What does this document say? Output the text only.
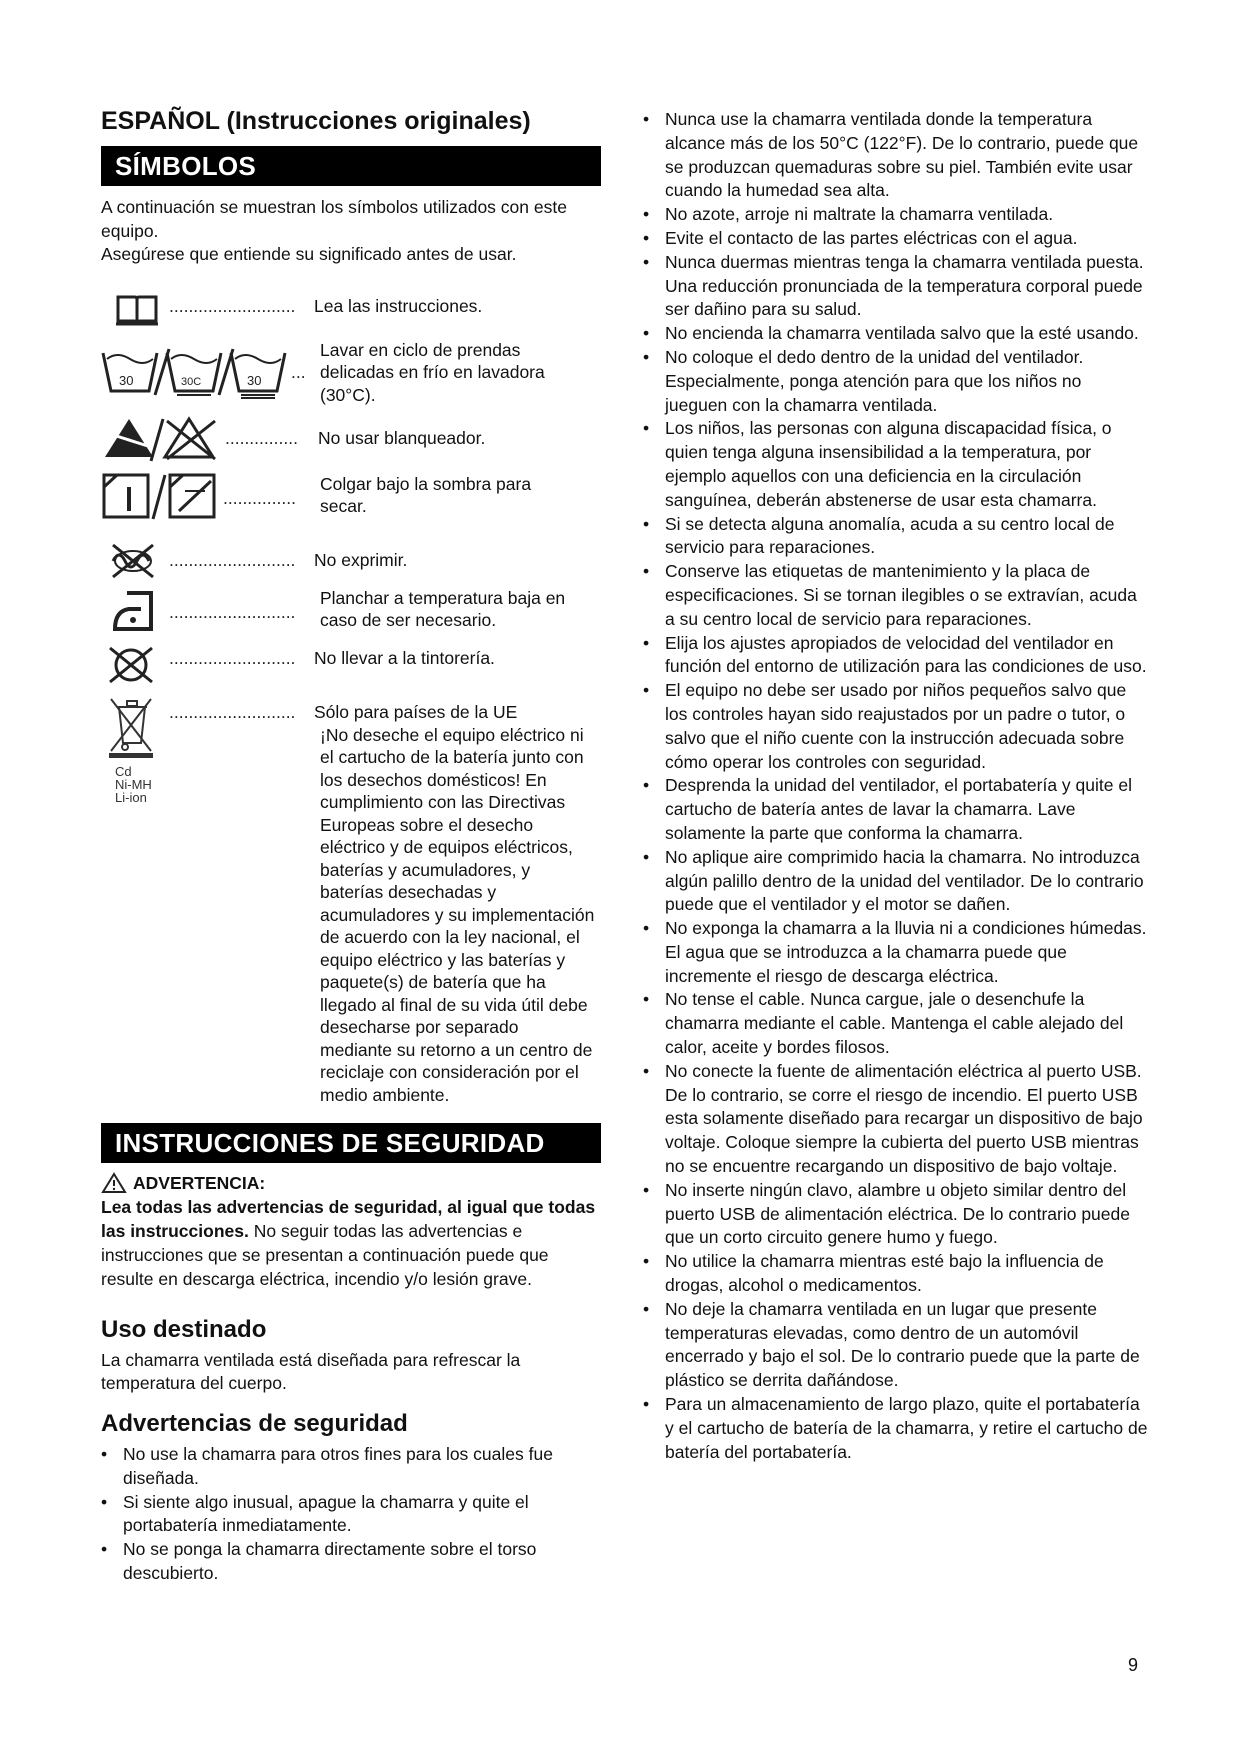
ESPAÑOL (Instrucciones originales)
SÍMBOLOS

A continuación se muestran los símbolos utilizados con este equipo.

Asegúrese que entiende su significado antes de usar.

.......................... Lea las instrucciones.
30	30C	30 ...
Lavar en ciclo de prendas delicadas en frío en lavadora (30°C).
............... No usar blanqueador.
...............
Colgar bajo la sombra para secar.
.......................... No exprimir.
..........................
Planchar a temperatura baja en caso de ser necesario.
.......................... No llevar a la tintorería.
Cd
Ni-MH
Li-ion
.......................... Sólo para países de la UE

¡No deseche el equipo eléctrico ni el cartucho de la batería junto con los desechos domésticos! En cumplimiento con las Directivas Europeas sobre el desecho eléctrico y de equipos eléctricos, baterías y acumuladores, y baterías desechadas y acumuladores y su implementación de acuerdo con la ley nacional, el equipo eléctrico y las baterías y paquete(s) de batería que ha llegado al final de su vida útil debe desecharse por separado mediante su retorno a un centro de reciclaje con consideración por el medio ambiente.

INSTRUCCIONES DE SEGURIDAD
ADVERTENCIA:

Lea todas las advertencias de seguridad, al igual que todas las instrucciones. No seguir todas las advertencias e instrucciones que se presentan a continuación puede que resulte en descarga eléctrica, incendio y/o lesión grave.

Uso destinado

La chamarra ventilada está diseñada para refrescar la temperatura del cuerpo.

Advertencias de seguridad
• No use la chamarra para otros fines para los cuales fue diseñada.
• Si siente algo inusual, apague la chamarra y quite el portabatería inmediatamente.
• No se ponga la chamarra directamente sobre el torso descubierto.
• Nunca use la chamarra ventilada donde la temperatura alcance más de los 50°C (122°F). De lo contrario, puede que se produzcan quemaduras sobre su piel. También evite usar cuando la humedad sea alta.
• No azote, arroje ni maltrate la chamarra ventilada.
• Evite el contacto de las partes eléctricas con el agua.
• Nunca duermas mientras tenga la chamarra ventilada puesta. Una reducción pronunciada de la temperatura corporal puede ser dañino para su salud.
• No encienda la chamarra ventilada salvo que la esté usando.
• No coloque el dedo dentro de la unidad del ventilador. Especialmente, ponga atención para que los niños no jueguen con la chamarra ventilada.
• Los niños, las personas con alguna discapacidad física, o quien tenga alguna insensibilidad a la temperatura, por ejemplo aquellos con una deficiencia en la circulación sanguínea, deberán abstenerse de usar esta chamarra.
• Si se detecta alguna anomalía, acuda a su centro local de servicio para reparaciones.
• Conserve las etiquetas de mantenimiento y la placa de especificaciones. Si se tornan ilegibles o se extravían, acuda a su centro local de servicio para reparaciones.
• Elija los ajustes apropiados de velocidad del ventilador en función del entorno de utilización para las condiciones de uso.
• El equipo no debe ser usado por niños pequeños salvo que los controles hayan sido reajustados por un padre o tutor, o salvo que el niño cuente con la instrucción adecuada sobre cómo operar los controles con seguridad.
• Desprenda la unidad del ventilador, el portabatería y quite el cartucho de batería antes de lavar la chamarra. Lave solamente la parte que conforma la chamarra.
• No aplique aire comprimido hacia la chamarra. No introduzca algún palillo dentro de la unidad del ventilador. De lo contrario puede que el ventilador y el motor se dañen.
• No exponga la chamarra a la lluvia ni a condiciones húmedas. El agua que se introduzca a la chamarra puede que incremente el riesgo de descarga eléctrica.
• No tense el cable. Nunca cargue, jale o desenchufe la chamarra mediante el cable. Mantenga el cable alejado del calor, aceite y bordes filosos.
• No conecte la fuente de alimentación eléctrica al puerto USB. De lo contrario, se corre el riesgo de incendio. El puerto USB esta solamente diseñado para recargar un dispositivo de bajo voltaje. Coloque siempre la cubierta del puerto USB mientras no se encuentre recargando un dispositivo de bajo voltaje.
• No inserte ningún clavo, alambre u objeto similar dentro del puerto USB de alimentación eléctrica. De lo contrario puede que un corto circuito genere humo y fuego.
• No utilice la chamarra mientras esté bajo la influencia de drogas, alcohol o medicamentos.
• No deje la chamarra ventilada en un lugar que presente temperaturas elevadas, como dentro de un automóvil encerrado y bajo el sol. De lo contrario puede que la parte de plástico se derrita dañándose.
• Para un almacenamiento de largo plazo, quite el portabatería y el cartucho de batería de la chamarra, y retire el cartucho de batería del portabatería.
9
